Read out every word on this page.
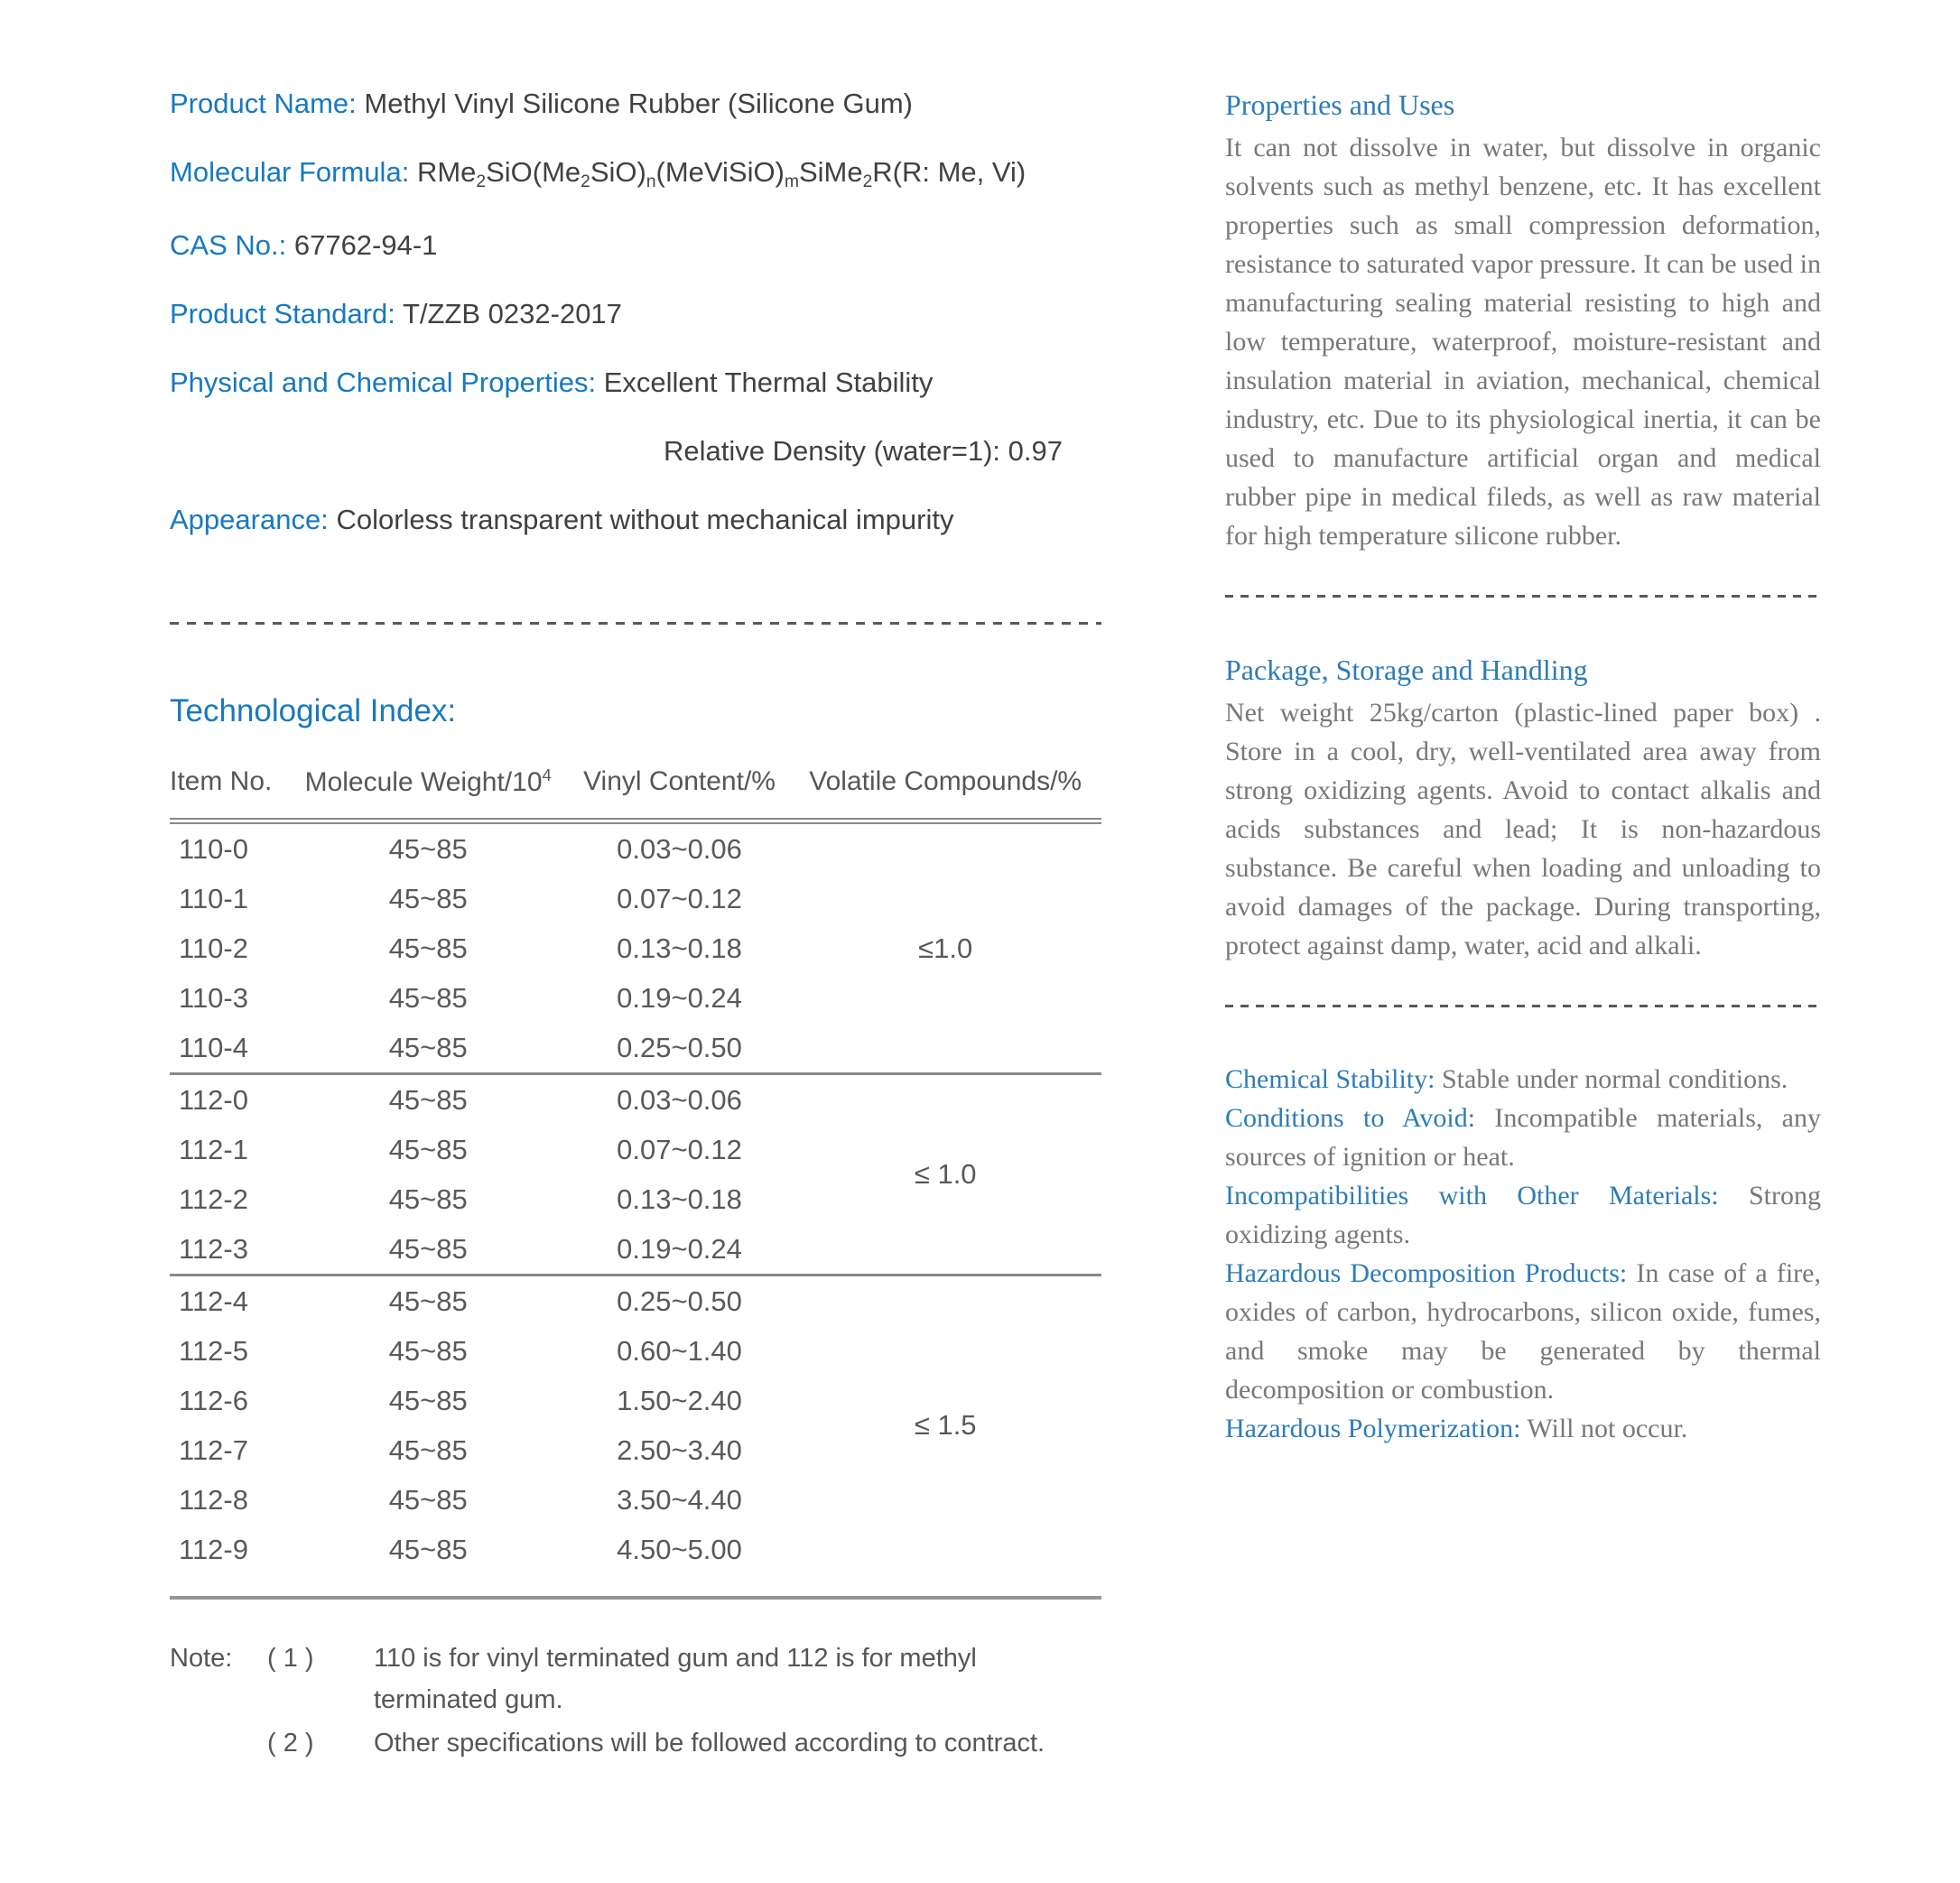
Product Name: Methyl Vinyl Silicone Rubber (Silicone Gum)
Molecular Formula: $RMe_2SiO(Me_2SiO)_n(MeViSiO)_mSiMe_2R(R$: Me, Vi)
CAS No.: 67762-94-1
Product Standard: T/ZZB 0232-2017
Physical and Chemical Properties: Excellent Thermal Stability
Relative Density (water=1): 0.97
Appearance: Colorless transparent without mechanical impurity
Technological Index:
Item No.	Molecule Weight/$10^4$	Vinyl Content/%	Volatile Compounds/%
110-0	45~85	0.03~0.06	≤1.0
110-1	45~85	0.07~0.12	
110-2	45~85	0.13~0.18	
110-3	45~85	0.19~0.24	
110-4	45~85	0.25~0.50	
112-0	45~85	0.03~0.06	≤ 1.0
112-1	45~85	0.07~0.12	
112-2	45~85	0.13~0.18	
112-3	45~85	0.19~0.24	
112-4	45~85	0.25~0.50	≤ 1.5
112-5	45~85	0.60~1.40	
112-6	45~85	1.50~2.40	
112-7	45~85	2.50~3.40	
112-8	45~85	3.50~4.40	
112-9	45~85	4.50~5.00	
Note:	( 1 )	110 is for vinyl terminated gum and 112 is for methyl terminated gum.
( 2 )	Other specifications will be followed according to contract.
Properties and Uses

It can not dissolve in water, but dissolve in organic solvents such as methyl benzene, etc. It has excellent properties such as small compression deformation, resistance to saturated vapor pressure. It can be used in manufacturing sealing material resisting to high and low temperature, waterproof, moisture-resistant and insulation material in aviation, mechanical, chemical industry, etc. Due to its physiological inertia, it can be used to manufacture artificial organ and medical rubber pipe in medical fileds, as well as raw material for high temperature silicone rubber.

Package, Storage and Handling

Net weight 25kg/carton (plastic-lined paper box) . Store in a cool, dry, well-ventilated area away from strong oxidizing agents. Avoid to contact alkalis and acids substances and lead; It is non-hazardous substance. Be careful when loading and unloading to avoid damages of the package. During transporting, protect against damp, water, acid and alkali.

Chemical Stability: Stable under normal conditions.

Conditions to Avoid: Incompatible materials, any sources of ignition or heat.

Incompatibilities with Other Materials: Strong oxidizing agents.

Hazardous Decomposition Products: In case of a fire, oxides of carbon, hydrocarbons, silicon oxide, fumes, and smoke may be generated by thermal decomposition or combustion.

Hazardous Polymerization: Will not occur.
